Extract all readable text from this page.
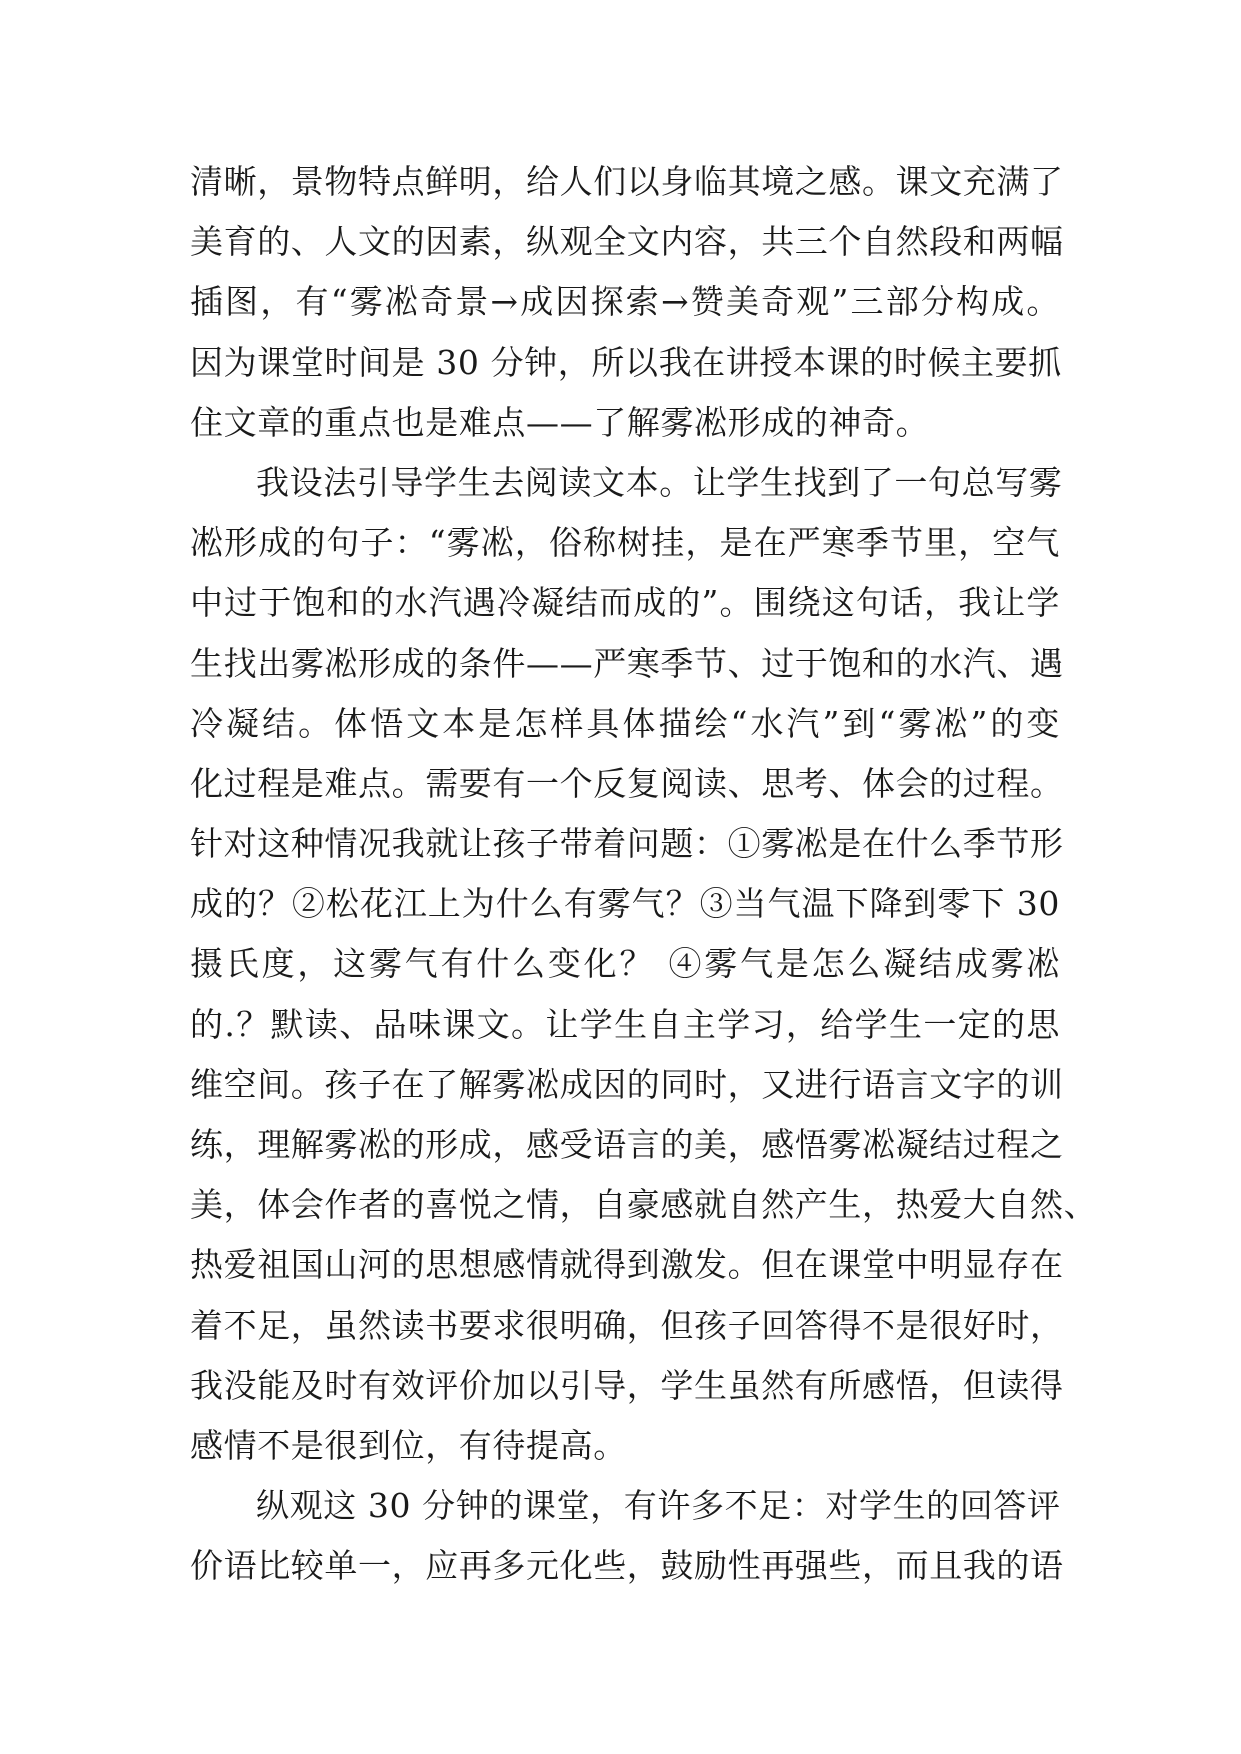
清晰，景物特点鲜明，给人们以身临其境之感。课文充满了
美育的、人文的因素，纵观全文内容，共三个自然段和两幅
插图，有“雾凇奇景→成因探索→赞美奇观”三部分构成。
因为课堂时间是 30 分钟，所以我在讲授本课的时候主要抓
住文章的重点也是难点——了解雾凇形成的神奇。
我设法引导学生去阅读文本。让学生找到了一句总写雾
凇形成的句子：“雾凇，俗称树挂，是在严寒季节里，空气
中过于饱和的水汽遇冷凝结而成的”。围绕这句话，我让学
生找出雾凇形成的条件——严寒季节、过于饱和的水汽、遇
冷凝结。体悟文本是怎样具体描绘“水汽”到“雾凇”的变
化过程是难点。需要有一个反复阅读、思考、体会的过程。
针对这种情况我就让孩子带着问题：①雾凇是在什么季节形
成的？②松花江上为什么有雾气？③当气温下降到零下 30
摄氏度，这雾气有什么变化？ ④雾气是怎么凝结成雾凇
的.？默读、品味课文。让学生自主学习，给学生一定的思
维空间。孩子在了解雾凇成因的同时，又进行语言文字的训
练，理解雾凇的形成，感受语言的美，感悟雾凇凝结过程之
美，体会作者的喜悦之情，自豪感就自然产生，热爱大自然、
热爱祖国山河的思想感情就得到激发。但在课堂中明显存在
着不足，虽然读书要求很明确，但孩子回答得不是很好时，
我没能及时有效评价加以引导，学生虽然有所感悟，但读得
感情不是很到位，有待提高。
纵观这 30 分钟的课堂，有许多不足：对学生的回答评
价语比较单一，应再多元化些，鼓励性再强些，而且我的语
